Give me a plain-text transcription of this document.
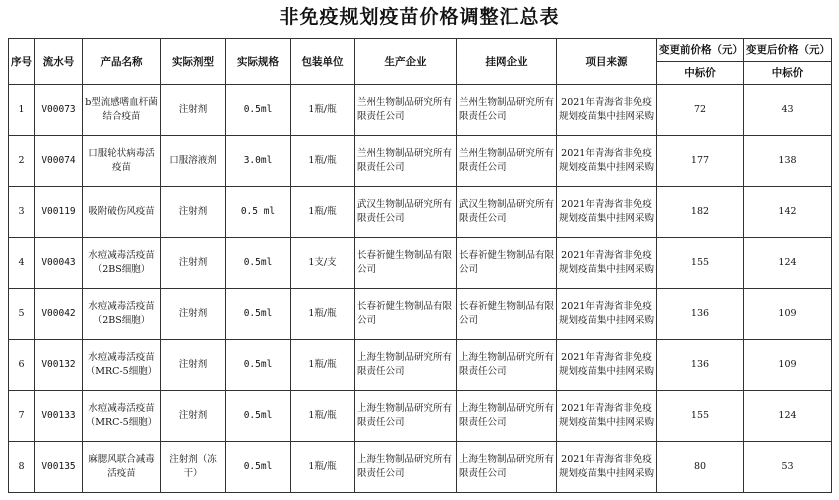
非免疫规划疫苗价格调整汇总表
序号	流水号	产品名称	实际剂型	实际规格	包装单位	生产企业	挂网企业	项目来源	变更前价格（元）	变更后价格（元）
									中标价	中标价
1	V00073	b型流感嗜血杆菌结合疫苗	注射剂	0.5ml	1瓶/瓶	兰州生物制品研究所有限责任公司	兰州生物制品研究所有限责任公司	2021年青海省非免疫规划疫苗集中挂网采购	72	43
2	V00074	口服轮状病毒活疫苗	口服溶液剂	3.0ml	1瓶/瓶	兰州生物制品研究所有限责任公司	兰州生物制品研究所有限责任公司	2021年青海省非免疫规划疫苗集中挂网采购	177	138
3	V00119	吸附破伤风疫苗	注射剂	0.5 ml	1瓶/瓶	武汉生物制品研究所有限责任公司	武汉生物制品研究所有限责任公司	2021年青海省非免疫规划疫苗集中挂网采购	182	142
4	V00043	水痘减毒活疫苗（2BS细胞）	注射剂	0.5ml	1支/支	长春祈健生物制品有限公司	长春祈健生物制品有限公司	2021年青海省非免疫规划疫苗集中挂网采购	155	124
5	V00042	水痘减毒活疫苗（2BS细胞）	注射剂	0.5ml	1瓶/瓶	长春祈健生物制品有限公司	长春祈健生物制品有限公司	2021年青海省非免疫规划疫苗集中挂网采购	136	109
6	V00132	水痘减毒活疫苗（MRC-5细胞）	注射剂	0.5ml	1瓶/瓶	上海生物制品研究所有限责任公司	上海生物制品研究所有限责任公司	2021年青海省非免疫规划疫苗集中挂网采购	136	109
7	V00133	水痘减毒活疫苗（MRC-5细胞）	注射剂	0.5ml	1瓶/瓶	上海生物制品研究所有限责任公司	上海生物制品研究所有限责任公司	2021年青海省非免疫规划疫苗集中挂网采购	155	124
8	V00135	麻腮风联合减毒活疫苗	注射剂（冻干）	0.5ml	1瓶/瓶	上海生物制品研究所有限责任公司	上海生物制品研究所有限责任公司	2021年青海省非免疫规划疫苗集中挂网采购	80	53
